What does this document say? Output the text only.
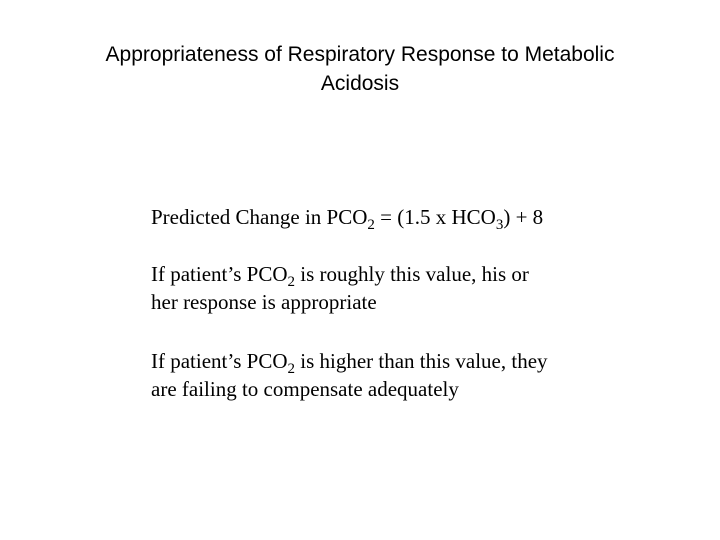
Appropriateness of Respiratory Response to Metabolic
Acidosis

Predicted Change in $PCO_2 = (1.5$ x $HCO_3) + 8$

If patient’s $PCO_2$ is roughly this value, his or
her response is appropriate

If patient’s $PCO_2$ is higher than this value, they
are failing to compensate adequately
